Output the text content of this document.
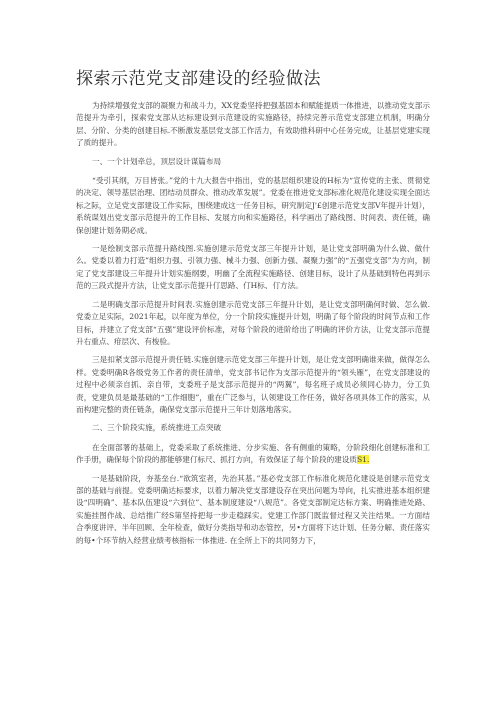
探索示范党支部建设的经验做法

为持续增强党支部的凝聚力和战斗力，XX党委坚持把强基固本和赋能提质一体推进，以推动党支部示范提升为牵引，探索党支部从达标建设到示范建设的实施路径，持续完善示范党支部建立机制，明确分层、分阶、分类的创建目标.不断激发基层党支部工作活力，有效助推科研中心任务完成，让基层党建实现了质的提升。

一、一个计划牵总，顶层设计谋篇布局

“受引其纲，万目皆张。”党的十九大报告中指出，党的基层组织建设的H标为“宣传党的主张、贯彻党的决定、领导基层治理、团结动员群众、推动改革发展”。党委在推进党支部标准化规范化建设实现全面达标之际，立足党支部建设工作实际，围绕建成这一任务目标，研究制定J'£创建示范党支部V年提升计划），系统谋划出党支部示范提升的工作目标、发展方向和实施路径，科学画出了路线图、时间表、责任链，确保创建计划务期必成。

一是绘制支部示范提升路线图.实施创建示范党支部三年提升计划，是让党支部明确为什么做、做什么。党委以着力打造”组织力强、引领力强、械斗力强、创新力强、凝聚力强”的“五强党支部”为方向，制定了党支部建设三年提升计划实施纲要，明幽了全流程实施路径、创建目标，设计了从基础到特色再到示范的三段式提升方法，让党支部示范提升仃思路、仃H标、仃方法。

二是明确支部示范提升时间表.实施创建示范党支部三年提升计划，是让党支部明确何时做、怎么做.党委立足实际，2021年起，以年度为单位，分一个阶段实施提升计划，明确了每个阶段的时间节点和工作目标，并建立了党支部“五强”建设评价标准，对每个阶段的进阶给出了明确的评价方法，让党支部示范提升右重点、疳层次、有梭验。

三是扣紧支部示范提升责任链.实施创建示范党支部三年提升计划，是让党支部明确谁来做，做得怎么样。党委明确R各级党务工作者的责任清单，党支部书记作为支部示范提升的“领头雁”，在党支部建设的过程中必须亲自抓、亲自带，支委班子是支部示范提升的“两翼”，每名班子成员必须同心协力，分工负责，党建负员是最基础的“工作细胞”，重在广泛参与，认领建设工作任务，做好各项具体工作的落实，从而构建完整的责任链条，确保党支部示范提升三年计划落地落实。

二、三个阶段实施，系统推进工点突破

在全面部署的基础上，党委采取了系统推进、分步实施、各有侧重的策略，分阶段细化创建标准和工作手册，确保每个阶段的都能够建仃标尺、抓打方向，有效保证了每个阶段的建设质S1.

一是基础阶段，夯基垒台.“欲筑室者，先治其基。”基必党支部工作标准化规范化建设是创建示范党支部的基础与前提。党委明确达标要求，以着力解决党支部建设存在突出问题为导向，扎实推进基本组织建设“四明确”、基本队伍建设“六到位”、基本制度建设“八规范”。各党支部制定达标方案、明确推进处路、实施挂图作战、总结推广经S第坚持把每一步走稳踩实。党建工作部门既监督过程又关注结果。一方面结合季度讲评、半年回顾、全年检查，做好分类指导和动态管控，另•方面将下达计划、任务分解、责任落实的每•个环节纳入经营业绩考核指标一体推进. 在全所上下的共同努力下，
